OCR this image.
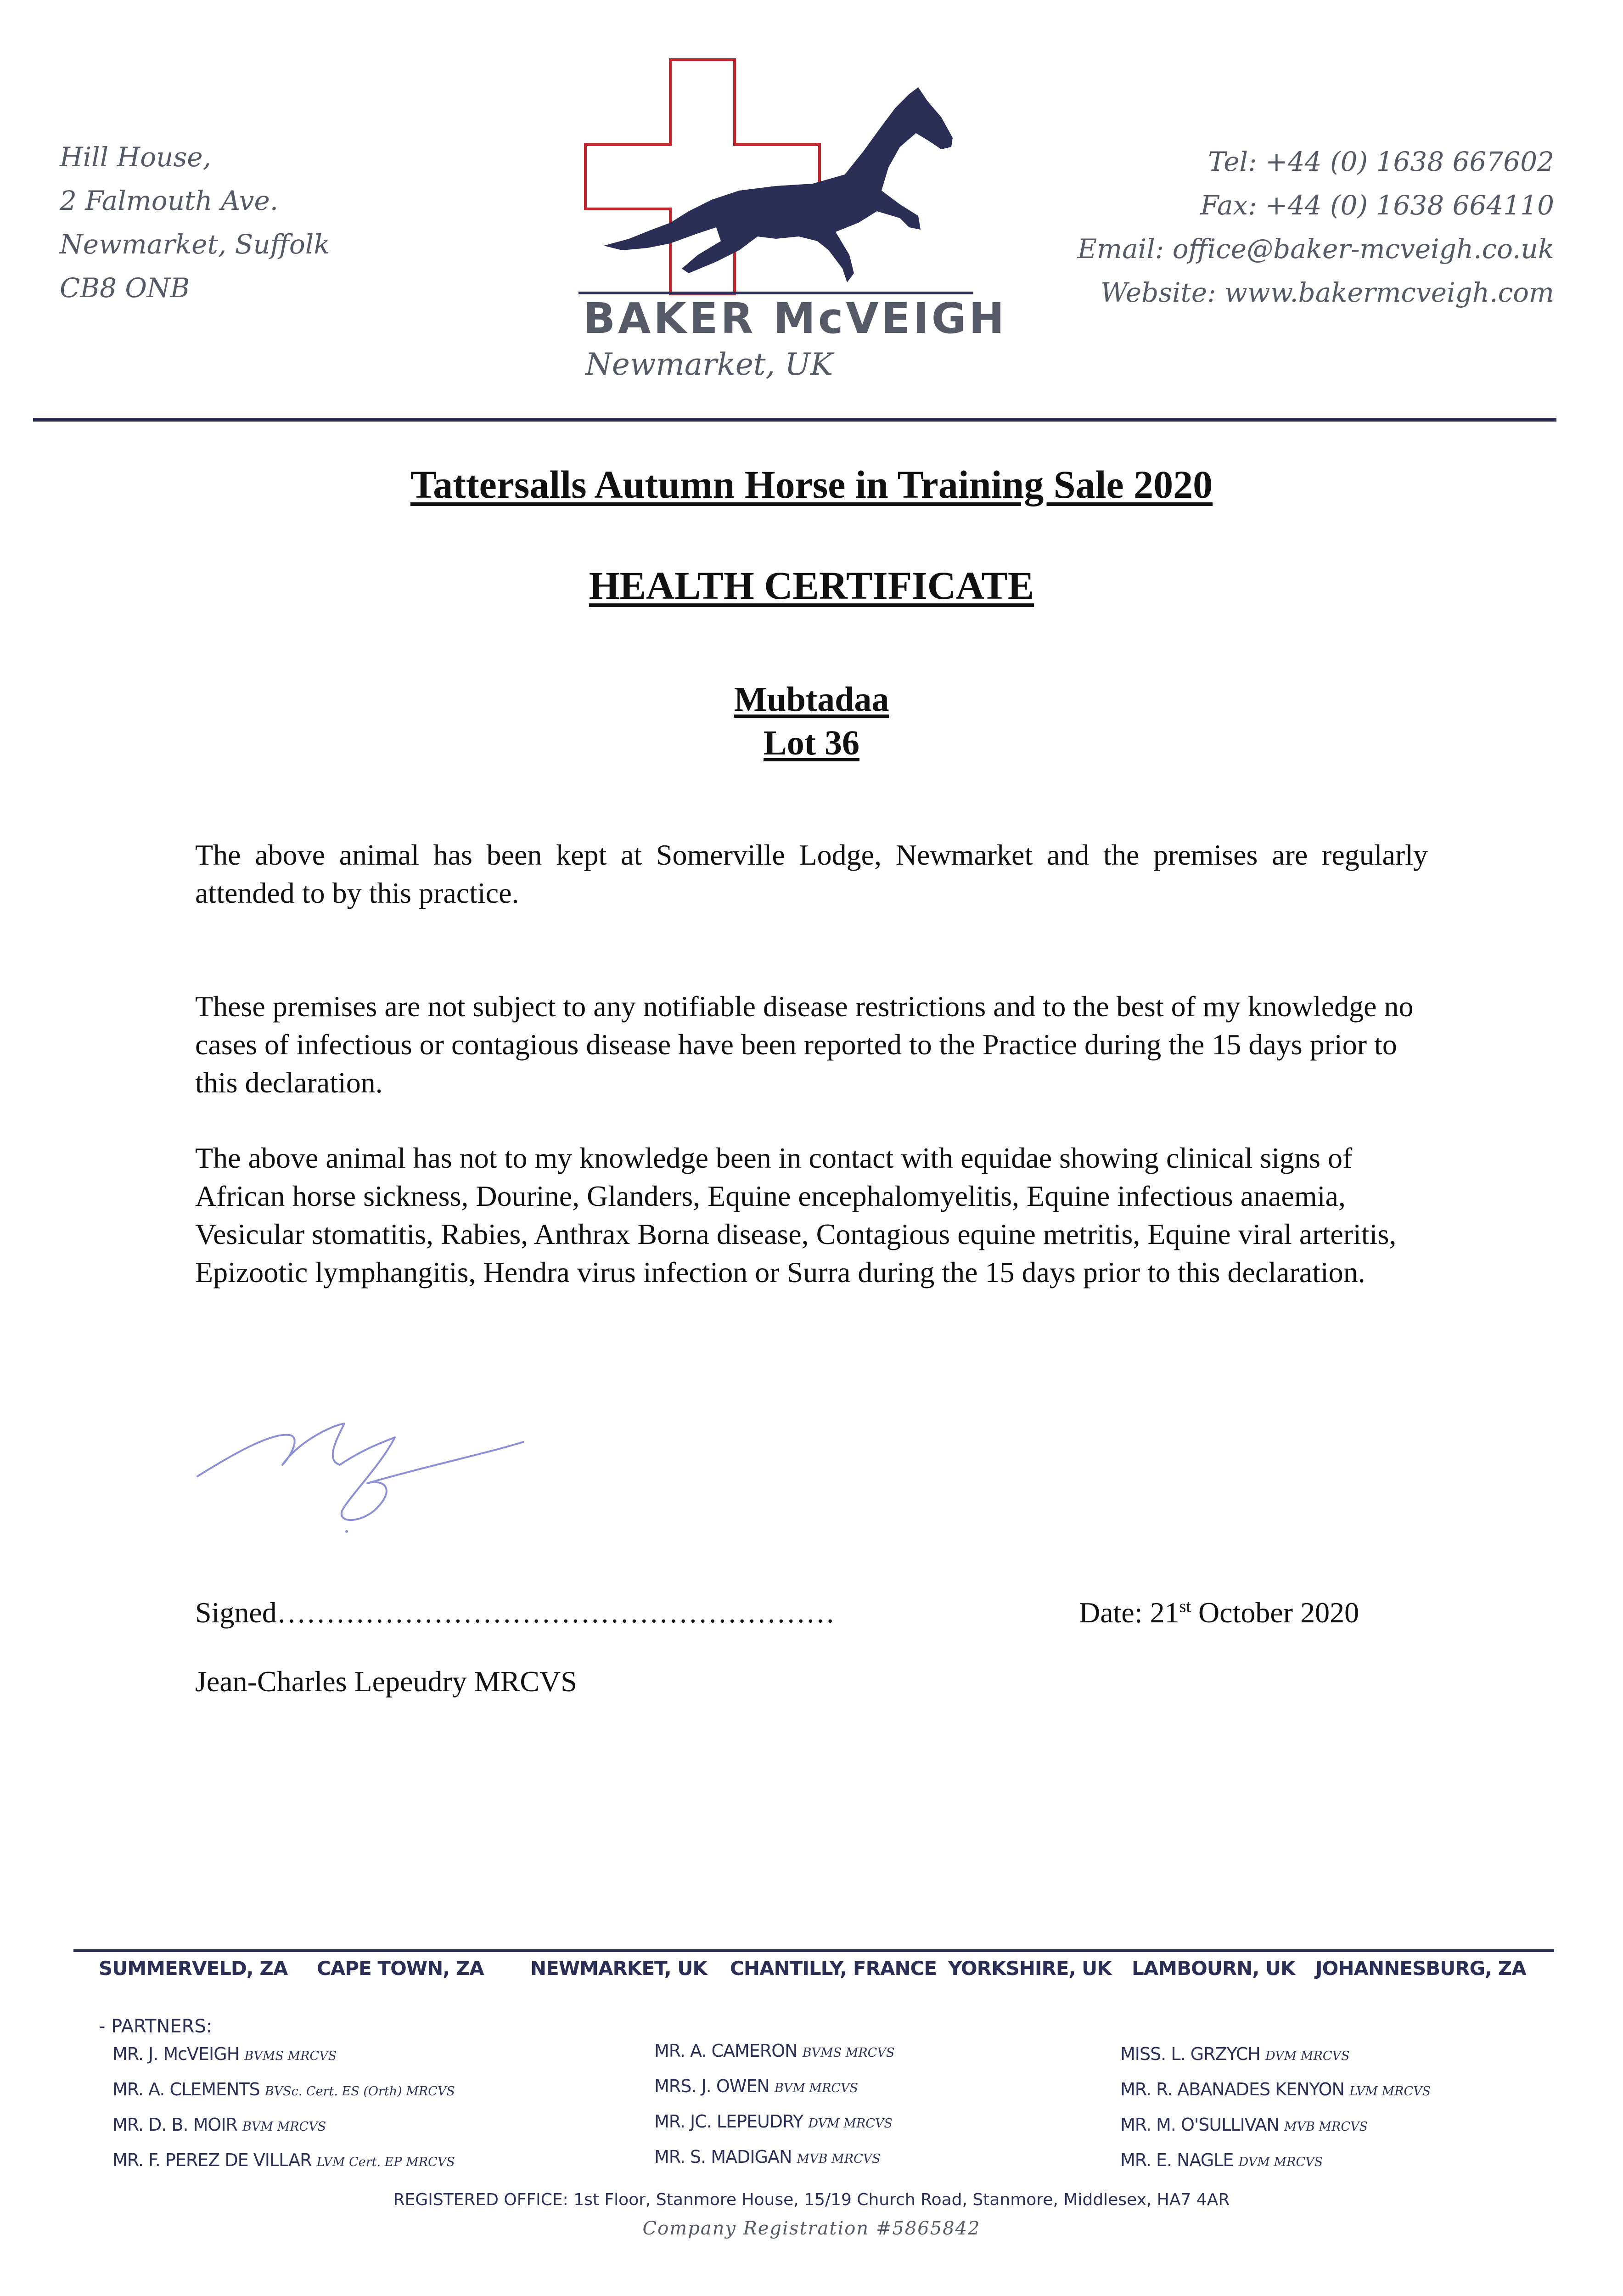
Hill House,
2 Falmouth Ave.
Newmarket, Suffolk
CB8 ONB
BAKER McVEIGH
Newmarket, UK
Tel: +44 (0) 1638 667602
Fax: +44 (0) 1638 664110
Email: office@baker-mcveigh.co.uk
Website: www.bakermcveigh.com
Tattersalls Autumn Horse in Training Sale 2020
HEALTH CERTIFICATE
Mubtadaa
Lot 36
The above animal has been kept at Somerville Lodge, Newmarket and the premises are regularly attended to by this practice.
These premises are not subject to any notifiable disease restrictions and to the best of my knowledge no cases of infectious or contagious disease have been reported to the Practice during the 15 days prior to this declaration.
The above animal has not to my knowledge been in contact with equidae showing clinical signs of African horse sickness, Dourine, Glanders, Equine encephalomyelitis, Equine infectious anaemia, Vesicular stomatitis, Rabies, Anthrax Borna disease, Contagious equine metritis, Equine viral arteritis, Epizootic lymphangitis, Hendra virus infection or Surra during the 15 days prior to this declaration.
Signed…………………………………………………	Date: 21st October 2020
Jean-Charles Lepeudry MRCVS
SUMMERVELD, ZA CAPE TOWN, ZA NEWMARKET, UK CHANTILLY, FRANCE YORKSHIRE, UK LAMBOURN, UK JOHANNESBURG, ZA
- PARTNERS:
MR. J. McVEIGH BVMS MRCVS
MR. A. CLEMENTS BVSc. Cert. ES (Orth) MRCVS
MR. D. B. MOIR BVM MRCVS
MR. F. PEREZ DE VILLAR LVM Cert. EP MRCVS
MR. A. CAMERON BVMS MRCVS
MRS. J. OWEN BVM MRCVS
MR. JC. LEPEUDRY DVM MRCVS
MR. S. MADIGAN MVB MRCVS
MISS. L. GRZYCH DVM MRCVS
MR. R. ABANADES KENYON LVM MRCVS
MR. M. O'SULLIVAN MVB MRCVS
MR. E. NAGLE DVM MRCVS
REGISTERED OFFICE: 1st Floor, Stanmore House, 15/19 Church Road, Stanmore, Middlesex, HA7 4AR
Company Registration #5865842
